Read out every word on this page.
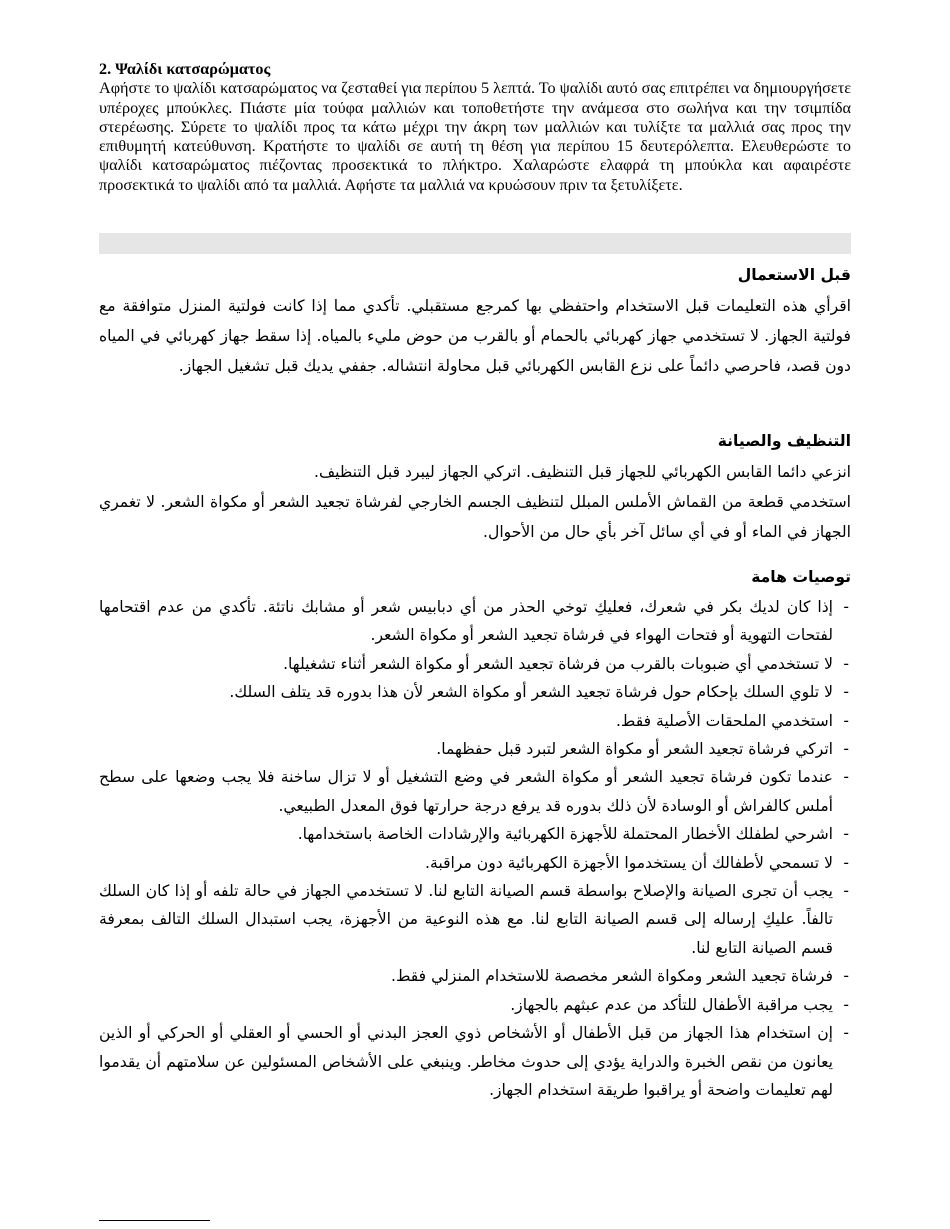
2. Ψαλίδι κατσαρώματος
Αφήστε το ψαλίδι κατσαρώματος να ζεσταθεί για περίπου 5 λεπτά. Το ψαλίδι αυτό σας επιτρέπει να δημιουργήσετε υπέροχες μπούκλες. Πιάστε μία τούφα μαλλιών και τοποθετήστε την ανάμεσα στο σωλήνα και την τσιμπίδα στερέωσης. Σύρετε το ψαλίδι προς τα κάτω μέχρι την άκρη των μαλλιών και τυλίξτε τα μαλλιά σας προς την επιθυμητή κατεύθυνση. Κρατήστε το ψαλίδι σε αυτή τη θέση για περίπου 15 δευτερόλεπτα. Ελευθερώστε το ψαλίδι κατσαρώματος πιέζοντας προσεκτικά το πλήκτρο. Χαλαρώστε ελαφρά τη μπούκλα και αφαιρέστε προσεκτικά το ψαλίδι από τα μαλλιά. Αφήστε τα μαλλιά να κρυώσουν πριν τα ξετυλίξετε.
قبل الاستعمال

اقرأي هذه التعليمات قبل الاستخدام واحتفظي بها كمرجع مستقبلي. تأكدي مما إذا كانت فولتية المنزل متوافقة مع فولتية الجهاز. لا تستخدمي جهاز كهربائي بالحمام أو بالقرب من حوض مليء بالمياه. إذا سقط جهاز كهربائي في المياه دون قصد، فاحرصي دائماً على نزع القابس الكهربائي قبل محاولة انتشاله. جففي يديك قبل تشغيل الجهاز.

التنظيف والصيانة

انزعي دائما القابس الكهربائي للجهاز قبل التنظيف. اتركي الجهاز ليبرد قبل التنظيف.

استخدمي قطعة من القماش الأملس المبلل لتنظيف الجسم الخارجي لفرشاة تجعيد الشعر أو مكواة الشعر. لا تغمري الجهاز في الماء أو في أي سائل آخر بأي حال من الأحوال.

توصيات هامة
- إذا كان لديك بكر في شعرك، فعليكِ توخي الحذر من أي دبابيس شعر أو مشابك ناتئة. تأكدي من عدم اقتحامها لفتحات التهوية أو فتحات الهواء في فرشاة تجعيد الشعر أو مكواة الشعر.
- لا تستخدمي أي ضبوبات بالقرب من فرشاة تجعيد الشعر أو مكواة الشعر أثناء تشغيلها.
- لا تلوي السلك بإحكام حول فرشاة تجعيد الشعر أو مكواة الشعر لأن هذا بدوره قد يتلف السلك.
- استخدمي الملحقات الأصلية فقط.
- اتركي فرشاة تجعيد الشعر أو مكواة الشعر لتبرد قبل حفظهما.
- عندما تكون فرشاة تجعيد الشعر أو مكواة الشعر في وضع التشغيل أو لا تزال ساخنة فلا يجب وضعها على سطح أملس كالفراش أو الوسادة لأن ذلك بدوره قد يرفع درجة حرارتها فوق المعدل الطبيعي.
- اشرحي لطفلك الأخطار المحتملة للأجهزة الكهربائية والإرشادات الخاصة باستخدامها.
- لا تسمحي لأطفالك أن يستخدموا الأجهزة الكهربائية دون مراقبة.
- يجب أن تجرى الصيانة والإصلاح بواسطة قسم الصيانة التابع لنا. لا تستخدمي الجهاز في حالة تلفه أو إذا كان السلك تالفاً. عليكِ إرساله إلى قسم الصيانة التابع لنا. مع هذه النوعية من الأجهزة، يجب استبدال السلك التالف بمعرفة قسم الصيانة التابع لنا.
- فرشاة تجعيد الشعر ومكواة الشعر مخصصة للاستخدام المنزلي فقط.
- يجب مراقبة الأطفال للتأكد من عدم عبثهم بالجهاز.
- إن استخدام هذا الجهاز من قبل الأطفال أو الأشخاص ذوي العجز البدني أو الحسي أو العقلي أو الحركي أو الذين يعانون من نقص الخبرة والدراية يؤدي إلى حدوث مخاطر. وينبغي على الأشخاص المسئولين عن سلامتهم أن يقدموا لهم تعليمات واضحة أو يراقبوا طريقة استخدام الجهاز.
